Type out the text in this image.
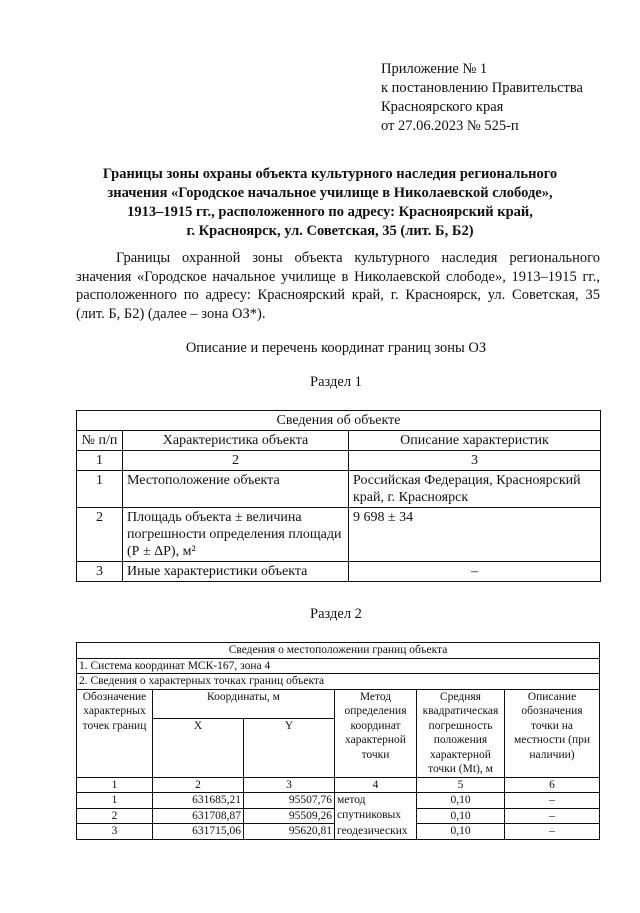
Приложение № 1
к постановлению Правительства
Красноярского края
от 27.06.2023 № 525-п
Границы зоны охраны объекта культурного наследия регионального
значения «Городское начальное училище в Николаевской слободе»,
1913–1915 гг., расположенного по адресу: Красноярский край,
г. Красноярск, ул. Советская, 35 (лит. Б, Б2)
Границы охранной зоны объекта культурного наследия регионального значения «Городское начальное училище в Николаевской слободе», 1913–1915 гг., расположенного по адресу: Красноярский край, г. Красноярск, ул. Советская, 35 (лит. Б, Б2) (далее – зона ОЗ*).
Описание и перечень координат границ зоны ОЗ
Раздел 1
Сведения об объекте		
№ п/п	Характеристика объекта	Описание характеристик
1	2	3
1	Местоположение объекта	Российская Федерация, Красноярский край, г. Красноярск
2	Площадь объекта ± величина погрешности определения площади (Р ± ΔР), м²	9 698 ± 34
3	Иные характеристики объекта	–
Раздел 2
Сведения о местоположении границ объекта					
1. Система координат МСК-167, зона 4					
2. Сведения о характерных точках границ объекта					
Обозначение характерных точек границ	Координаты, м		Метод определения координат характерной точки	Средняя квадратическая погрешность положения характерной точки (Mt), м	Описание обозначения точки на местности (при наличии)
	X	Y			
1	2	3	4	5	6
1	631685,21	95507,76	метод	0,10	–
2	631708,87	95509,26	спутниковых	0,10	–
3	631715,06	95620,81	геодезических	0,10	–
